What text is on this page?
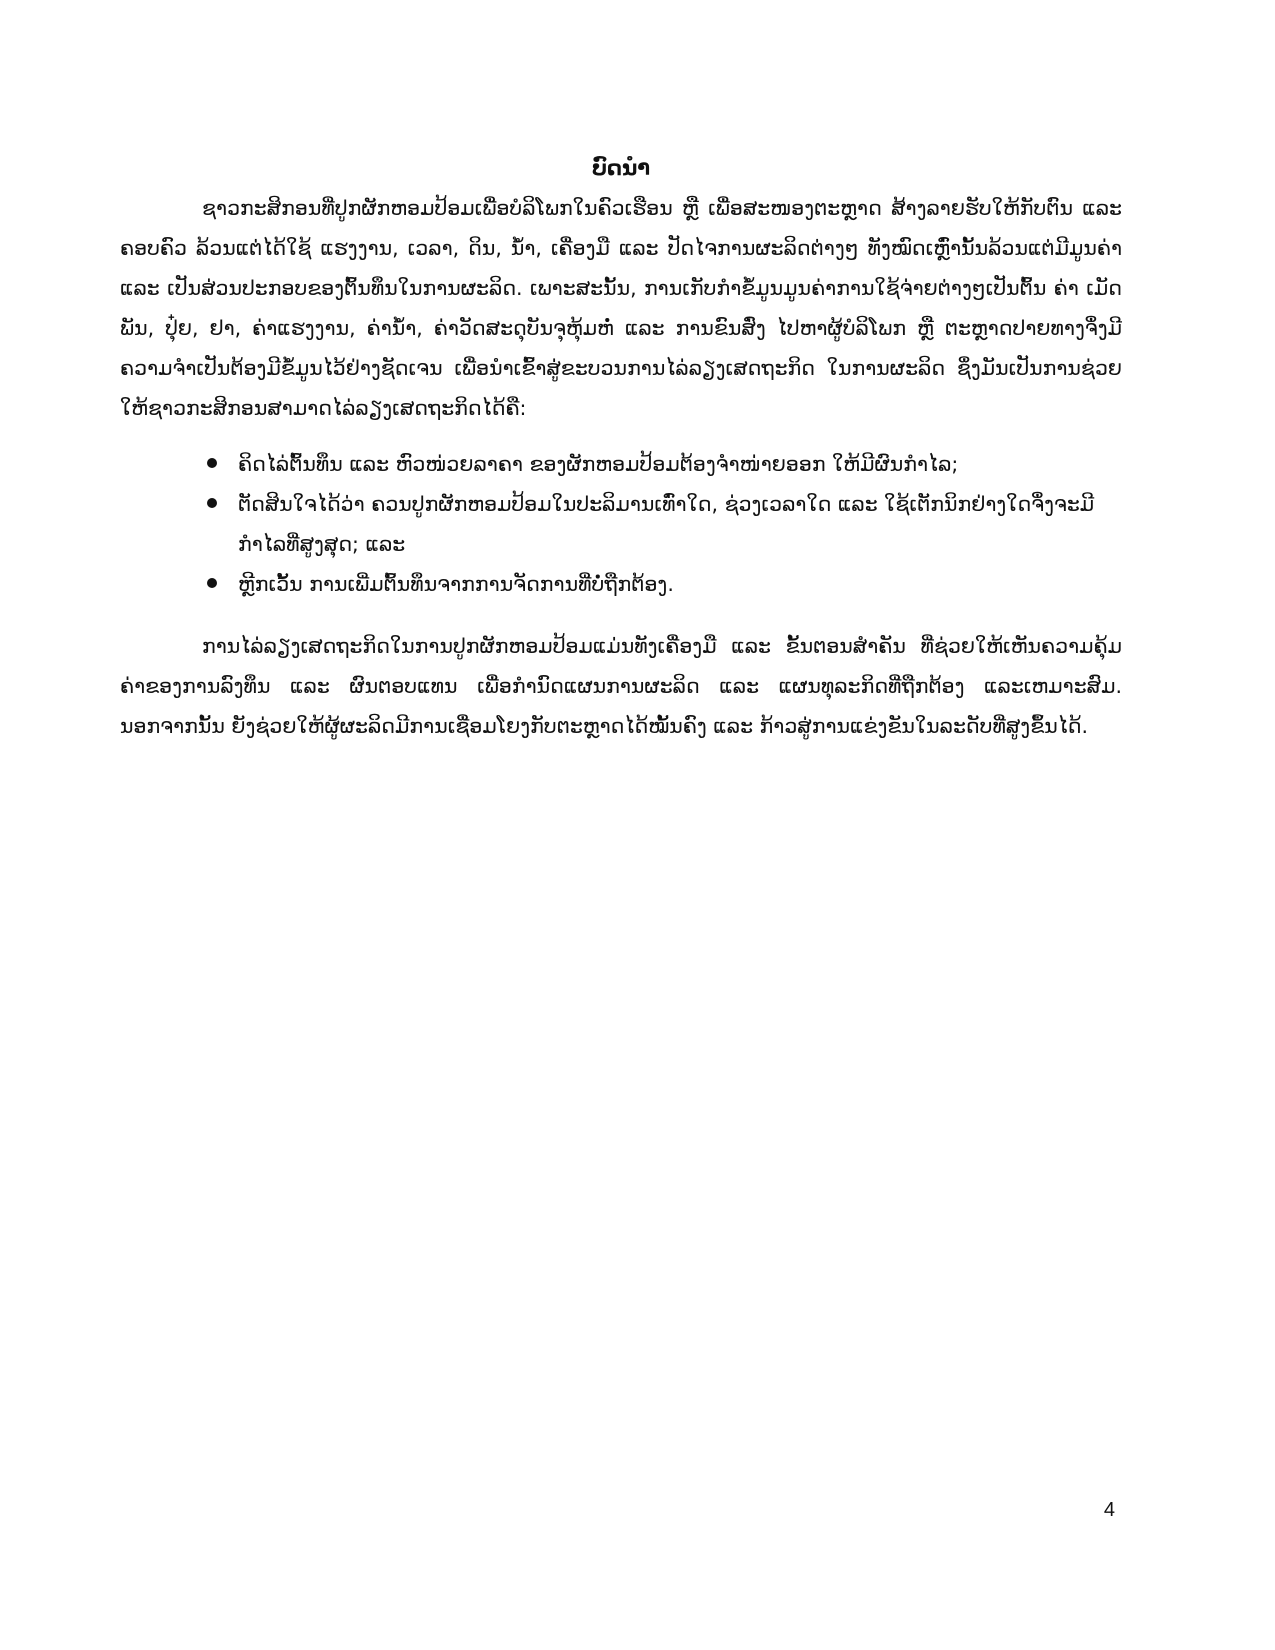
ບົດນໍາ

ຊາວກະສິກອນທີ່ປູກຜັກຫອມປ້ອມເພື່ອບໍລິໂພກໃນຄົວເຮືອນ ຫຼື ເພື່ອສະໜອງຕະຫຼາດ ສ້າງລາຍຮັບໃຫ້ກັບຕົນ ແລະ ຄອບຄົວ ລ້ວນແຕ່ໄດ້ໃຊ້ ແຮງງານ, ເວລາ, ດິນ, ນໍ້າ, ເຄື່ອງມື ແລະ ປັດໄຈການຜະລິດຕ່າງໆ ທັງໝົດເຫຼົ່ານັ້ນລ້ວນແຕ່ມີມູນຄ່າ ແລະ ເປັນສ່ວນປະກອບຂອງຕົ້ນທຶນໃນການຜະລິດ. ເພາະສະນັ້ນ, ການເກັບກໍາຂໍ້ມູນມູນຄ່າການໃຊ້ຈ່າຍຕ່າງໆເປັນຕົ້ນ ຄ່າ ເມັດພັນ, ປຸ໋ຍ, ຢາ, ຄ່າແຮງງານ, ຄ່ານໍ້າ, ຄ່າວັດສະດຸບັນຈຸຫຸ້ມຫໍ່ ແລະ ການຂົນສົ່ງ ໄປຫາຜູ້ບໍລິໂພກ ຫຼື ຕະຫຼາດປາຍທາງຈຶ່ງມີຄວາມຈໍາເປັນຕ້ອງມີຂໍ້ມູນໄວ້ຢ່າງຊັດເຈນ ເພື່ອນໍາເຂົ້າສູ່ຂະບວນການໄລ່ລຽງເສດຖະກິດ ໃນການຜະລິດ ຊຶ່ງມັນເປັນການຊ່ວຍໃຫ້ຊາວກະສິກອນສາມາດໄລ່ລຽງເສດຖະກິດໄດ້ຄື:

ຄິດໄລ່ຕົ້ນທຶນ ແລະ ຫົວໜ່ວຍລາຄາ ຂອງຜັກຫອມປ້ອມຕ້ອງຈໍາໜ່າຍອອກ ໃຫ້ມີຜົນກໍາໄລ;
ຕັດສິນໃຈໄດ້ວ່າ ຄວນປູກຜັກຫອມປ້ອມໃນປະລິມານເທົ່າໃດ, ຊ່ວງເວລາໃດ ແລະ ໃຊ້ເຕັກນິກຢ່າງໃດຈຶ່ງຈະມີກໍາໄລທີ່ສູງສຸດ; ແລະ
ຫຼີກເວັ້ນ ການເພີ່ມຕົ້ນທຶນຈາກການຈັດການທີ່ບໍ່ຖືກຕ້ອງ.

ການໄລ່ລຽງເສດຖະກິດໃນການປູກຜັກຫອມປ້ອມແມ່ນທັງເຄື່ອງມື ແລະ ຂັ້ນຕອນສໍາຄັນ ທີ່ຊ່ວຍໃຫ້ເຫັນຄວາມຄຸ້ມຄ່າຂອງການລົງທຶນ ແລະ ຜົນຕອບແທນ ເພື່ອກໍານົດແຜນການຜະລິດ ແລະ ແຜນທຸລະກິດທີ່ຖືກຕ້ອງ ແລະເຫມາະສົມ. ນອກຈາກນັ້ນ ຍັງຊ່ວຍໃຫ້ຜູ້ຜະລິດມີການເຊື່ອມໂຍງກັບຕະຫຼາດໄດ້ໝັ້ນຄົງ ແລະ ກ້າວສູ່ການແຂ່ງຂັນໃນລະດັບທີ່ສູງຂຶ້ນໄດ້.

4
